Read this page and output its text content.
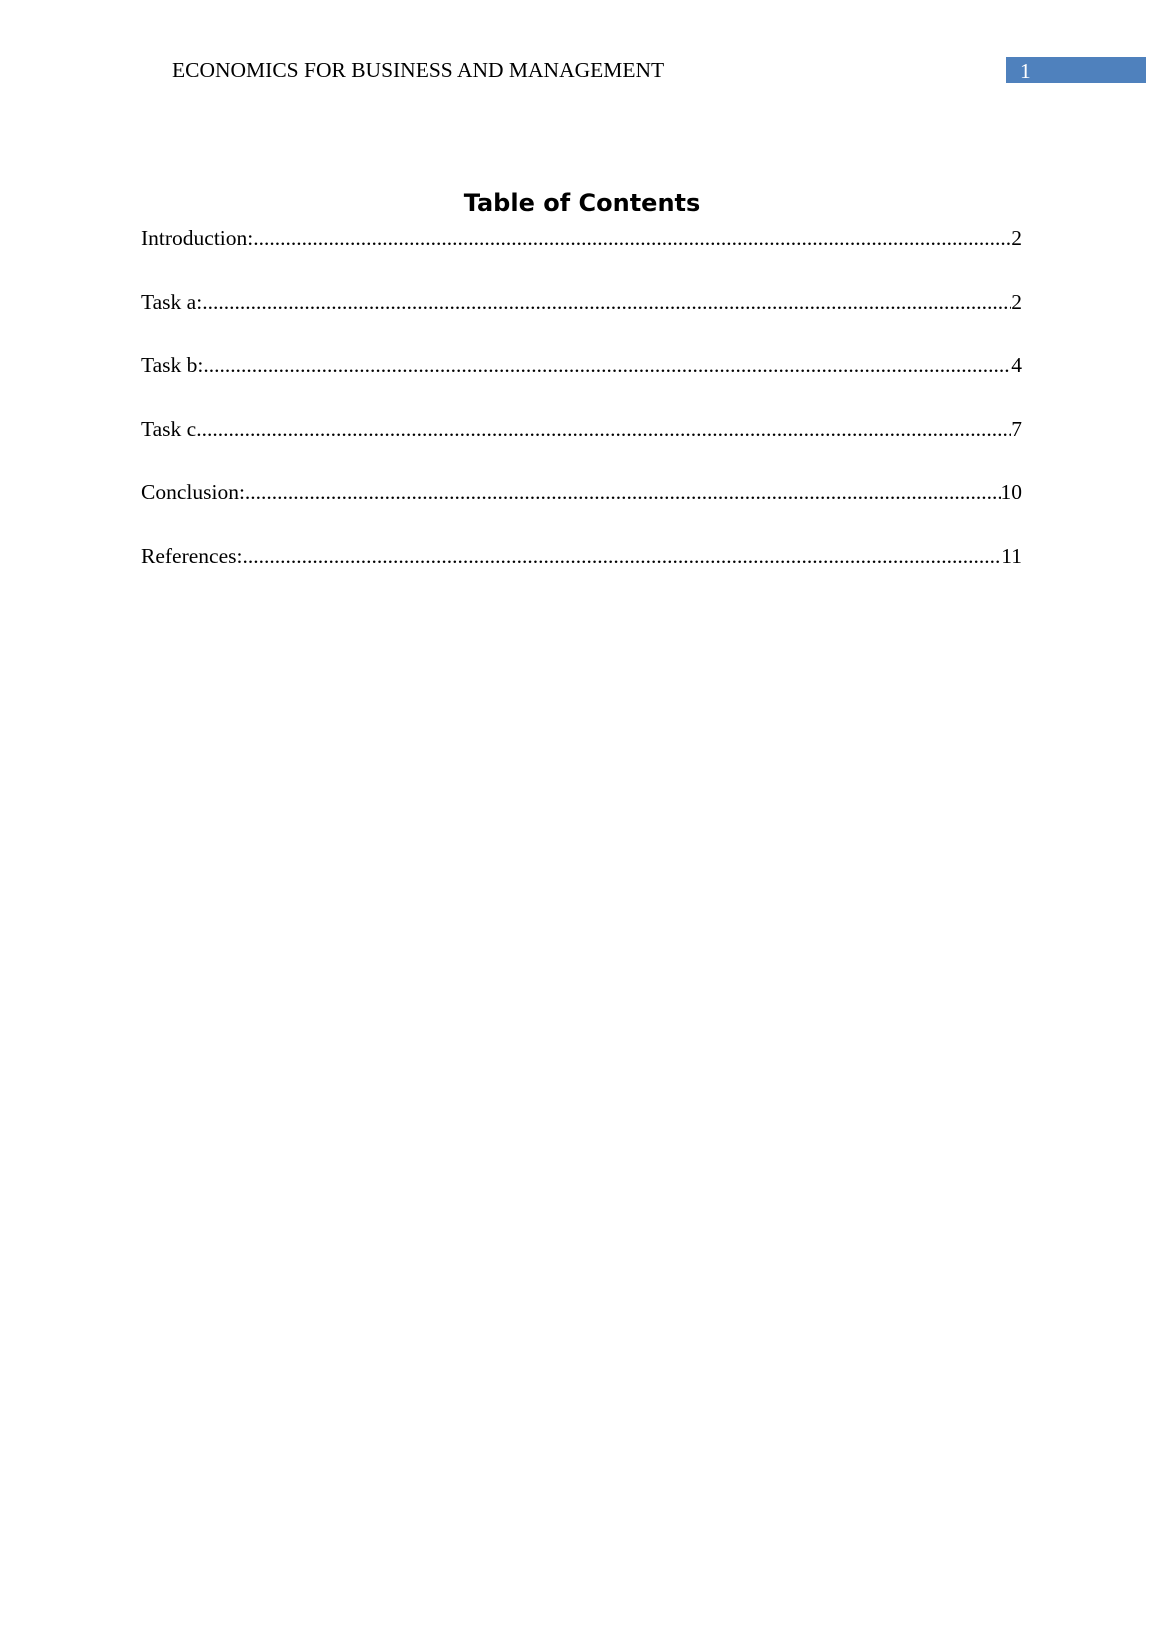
ECONOMICS FOR BUSINESS AND MANAGEMENT	1
Table of Contents
Introduction: .....	2
Task a: .....	2
Task b: .....	4
Task c .....	7
Conclusion: .....	10
References: .....	11
